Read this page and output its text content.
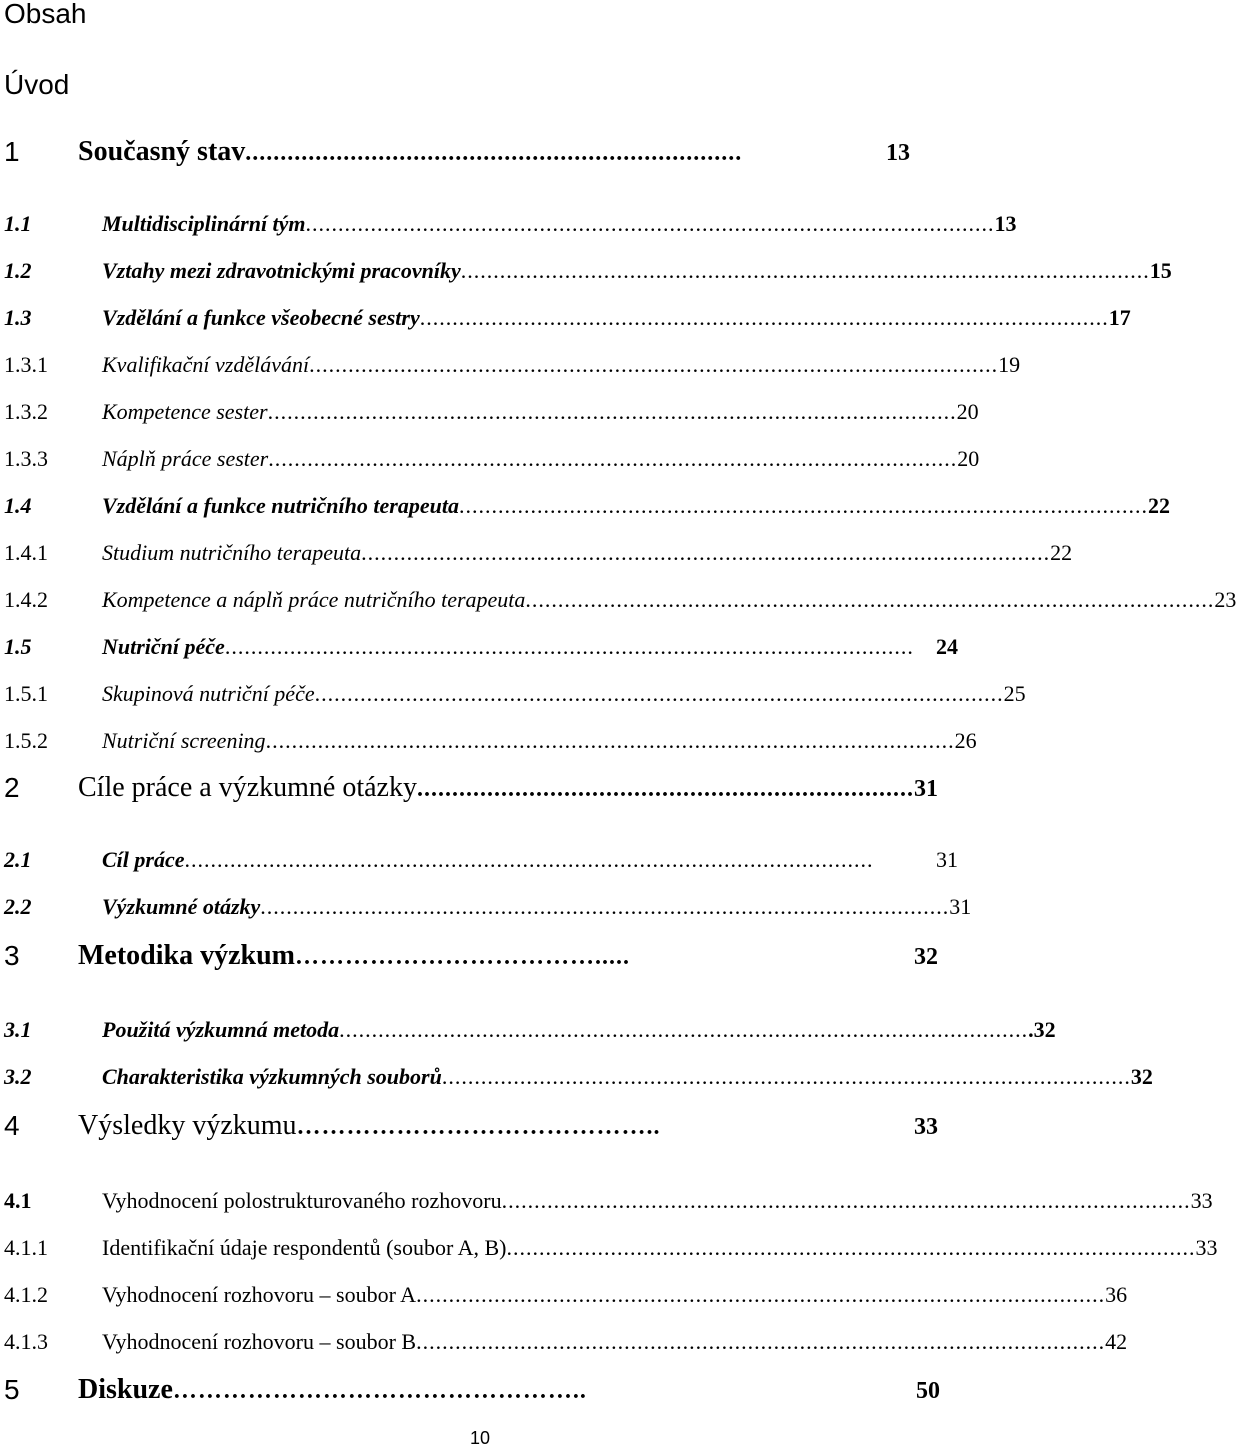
Obsah
Úvod
1 Současný stav .......................................................................	13
1.1	Multidisciplinární tým .......................................................................................................... 13
1.2	Vztahy mezi zdravotnickými pracovníky .......................................................................................................... 15
1.3	Vzdělání a funkce všeobecné sestry .......................................................................................................... 17
1.3.1 Kvalifikační vzdělávání .......................................................................................................... 19
1.3.2 Kompetence sester .......................................................................................................... 20
1.3.3 Náplň práce sester .......................................................................................................... 20
1.4	Vzdělání a funkce nutričního terapeuta .......................................................................................................... 22
1.4.1 Studium nutričního terapeuta .......................................................................................................... 22
1.4.2 Kompetence a náplň práce nutričního terapeuta .......................................................................................................... 23
1.5	Nutriční péče ..........................................................................................................	24
1.5.1 Skupinová nutriční péče .......................................................................................................... 25
1.5.2 Nutriční screening .......................................................................................................... 26
2 Cíle práce a výzkumné otázky ....................................................................... 31
2.1	Cíl práce ..........................................................................................................	31
2.2	Výzkumné otázky .......................................................................................................... 31
3 Metodika výzkum ……………………………….....	32
3.1	Použitá výzkumná metoda .......................................................................................................... .32
3.2	Charakteristika výzkumných souborů .......................................................................................................... 32
4 Výsledky výzkumu ……………………………………..	33
4.1	Vyhodnocení polostrukturovaného rozhovoru .......................................................................................................... 33
4.1.1 Identifikační údaje respondentů (soubor A, B) .......................................................................................................... 33
4.1.2 Vyhodnocení rozhovoru – soubor A .......................................................................................................... 36
4.1.3 Vyhodnocení rozhovoru – soubor B .......................................................................................................... 42
5 Diskuze …………………………………………..	50
10
